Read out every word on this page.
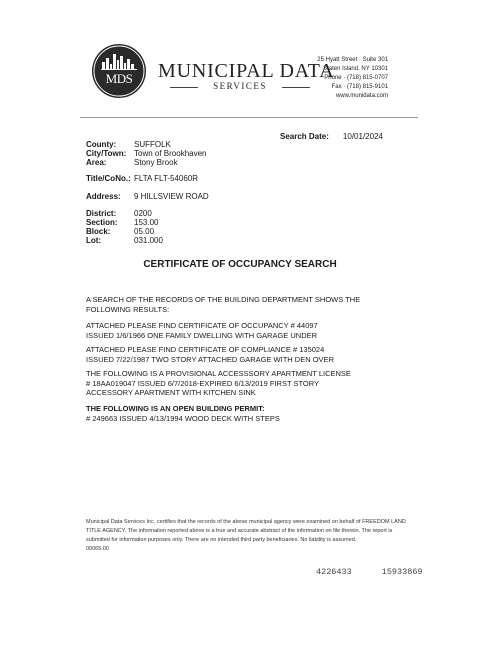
MDS	MUNICIPAL DATA
SERVICES
25 Hyatt Street · Suite 301
Staten Island, NY 10301
Phone · (718) 815-0707
Fax · (718) 815-9101
www.munidata.com
Search Date: 10/01/2024
County: SUFFOLK
City/Town: Town of Brookhaven
Area:	Stony Brook
Title/CoNo.: FLTA FLT-54060R
Address: 9 HILLSVIEW ROAD
District: 0200
Section: 153.00
Block:	05.00
Lot:	031.000
CERTIFICATE OF OCCUPANCY SEARCH
A SEARCH OF THE RECORDS OF THE BUILDING DEPARTMENT SHOWS THE
FOLLOWING RESULTS:
ATTACHED PLEASE FIND CERTIFICATE OF OCCUPANCY # 44097
ISSUED 1/6/1966 ONE FAMILY DWELLING WITH GARAGE UNDER
ATTACHED PLEASE FIND CERTIFICATE OF COMPLIANCE # 135024
ISSUED 7/22/1987 TWO STORY ATTACHED GARAGE WITH DEN OVER
THE FOLLOWING IS A PROVISIONAL ACCESSSORY APARTMENT LICENSE
# 18AA019047 ISSUED 6/7/2018-EXPIRED 6/13/2019 FIRST STORY
ACCESSORY APARTMENT WITH KITCHEN SINK
THE FOLLOWING IS AN OPEN BUILDING PERMIT:
# 249663 ISSUED 4/13/1994 WOOD DECK WITH STEPS
Municipal Data Services Inc. certifies that the records of the above municipal agency were examined on behalf of FREEDOM LAND
TITLE AGENCY. The information reported above is a true and accurate abstract of the information on file therein. The report is
submitted for information purposes only. There are no intended third party beneficiaries. No liability is assumed.
00065.00
4226433	15933869
